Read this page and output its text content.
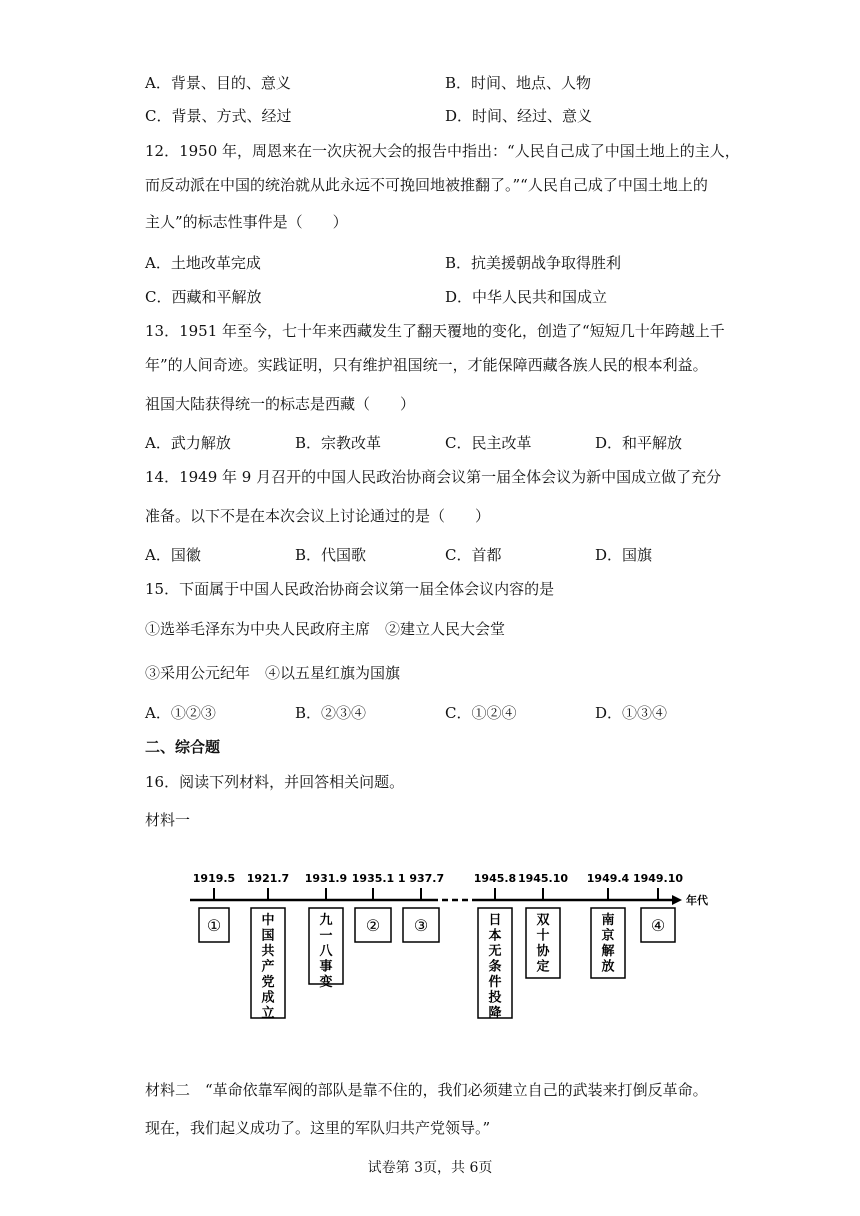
A．背景、目的、意义	B．时间、地点、人物
C．背景、方式、经过	D．时间、经过、意义
12．1950 年，周恩来在一次庆祝大会的报告中指出：“人民自己成了中国土地上的主人，
而反动派在中国的统治就从此永远不可挽回地被推翻了。”“人民自己成了中国土地上的
主人”的标志性事件是（　　）
A．土地改革完成	B．抗美援朝战争取得胜利
C．西藏和平解放	D．中华人民共和国成立
13．1951 年至今，七十年来西藏发生了翻天覆地的变化，创造了“短短几十年跨越上千
年”的人间奇迹。实践证明，只有维护祖国统一，才能保障西藏各族人民的根本利益。
祖国大陆获得统一的标志是西藏（　　）
A．武力解放	B．宗教改革	C．民主改革	D．和平解放
14．1949 年 9 月召开的中国人民政治协商会议第一届全体会议为新中国成立做了充分
准备。以下不是在本次会议上讨论通过的是（　　）
A．国徽	B．代国歌	C．首都	D．国旗
15．下面属于中国人民政治协商会议第一届全体会议内容的是
①选举毛泽东为中央人民政府主席　②建立人民大会堂
③采用公元纪年　④以五星红旗为国旗
A．①②③	B．②③④	C．①②④	D．①③④
二、综合题
16．阅读下列材料，并回答相关问题。
材料一
1919.5 1921.7 1931.9 1935.1 1 937.7	1945.8 1945.10 1949.4 1949.10
年代
①	中国共产党成立
九一八事变
② ③	日本无条件投降
双十协定
南京解放
④
材料二　“革命依靠军阀的部队是靠不住的，我们必须建立自己的武装来打倒反革命。
现在，我们起义成功了。这里的军队归共产党领导。”
试卷第 3页，共 6页
